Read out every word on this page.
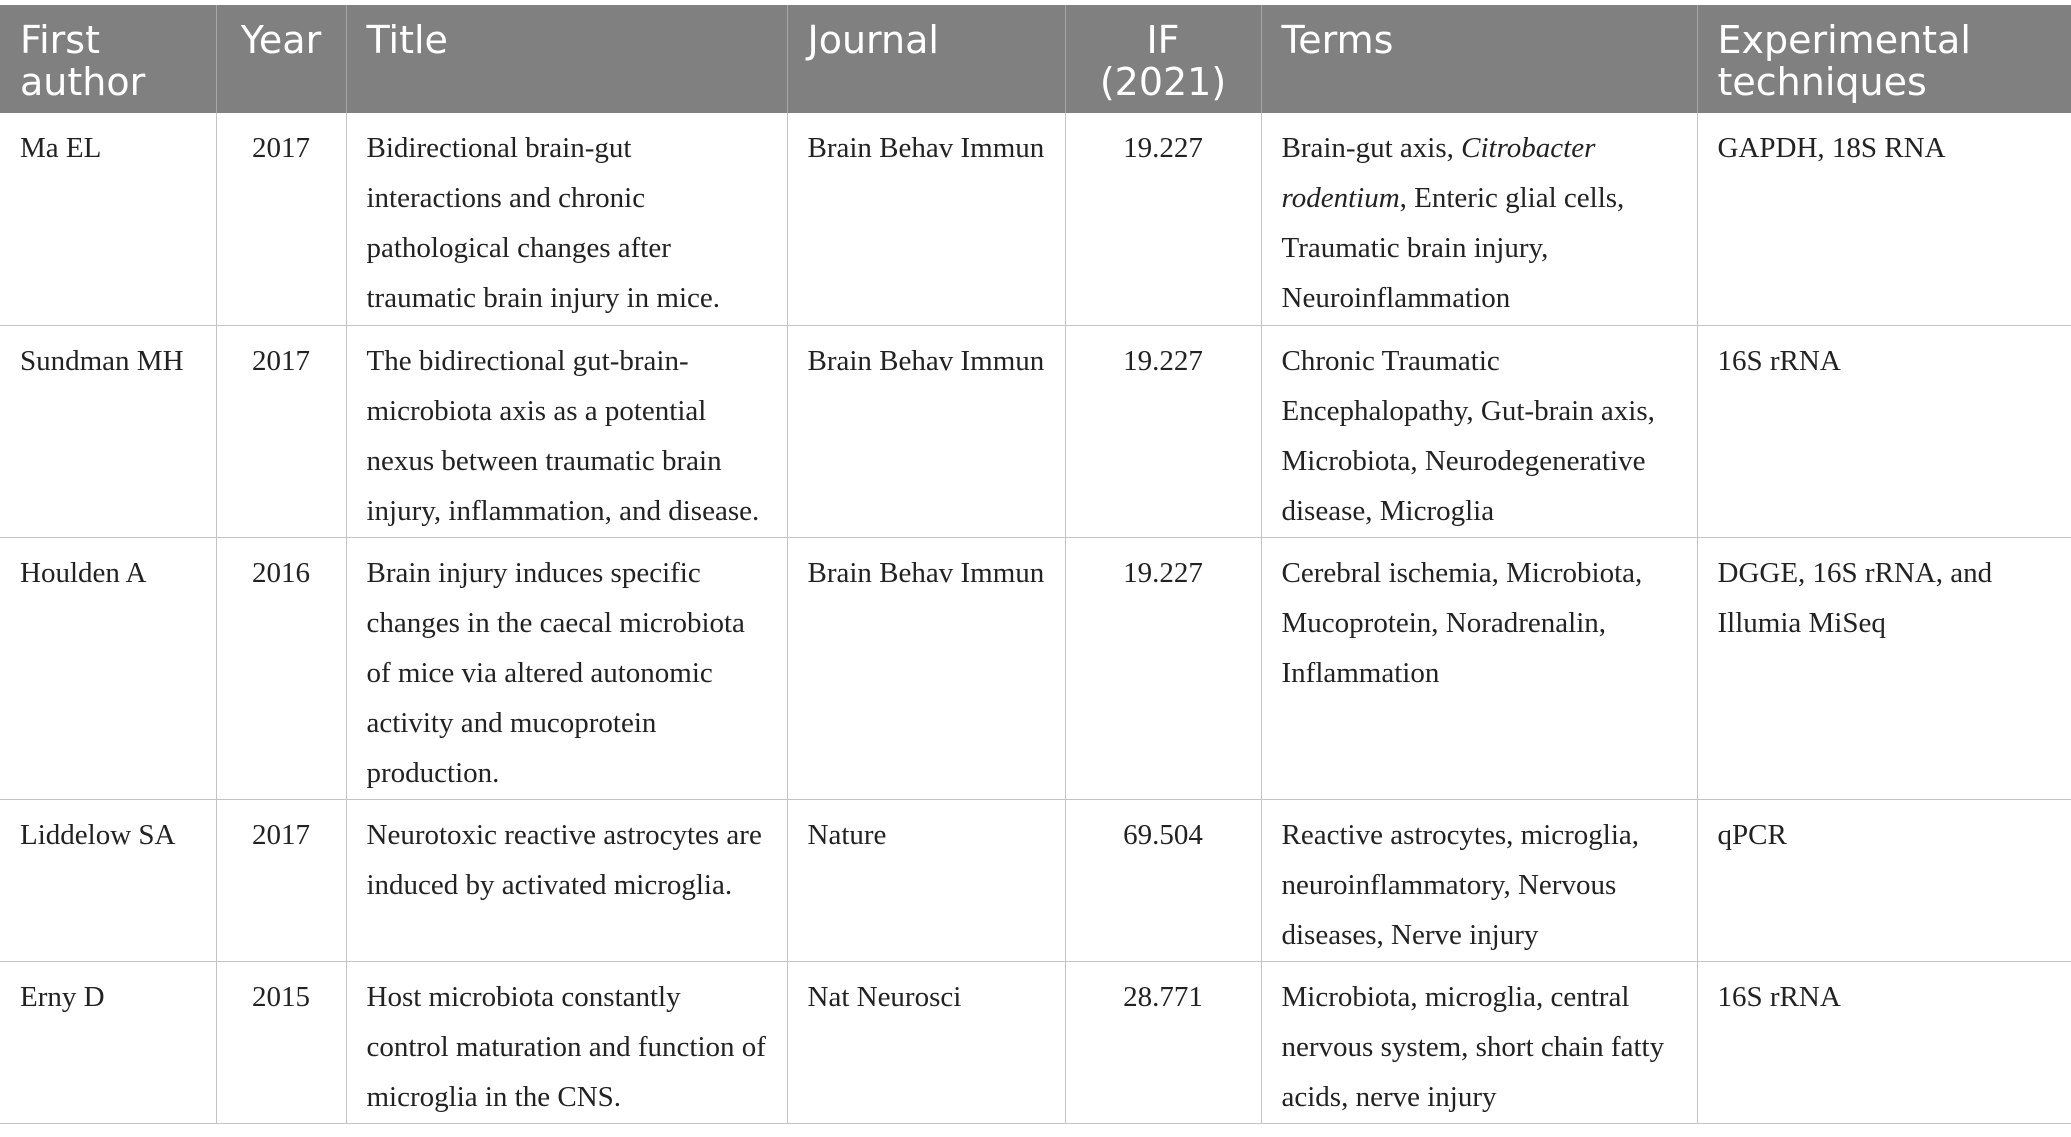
First author	Year	Title	Journal	IF (2021)	Terms	Experimental techniques
Ma EL	2017	Bidirectional brain-gut interactions and chronic pathological changes after traumatic brain injury in mice.	Brain Behav Immun	19.227	Brain-gut axis, Citrobacter rodentium, Enteric glial cells, Traumatic brain injury, Neuroinflammation	GAPDH, 18S RNA
Sundman MH	2017	The bidirectional gut-brain-microbiota axis as a potential nexus between traumatic brain injury, inflammation, and disease.	Brain Behav Immun	19.227	Chronic Traumatic Encephalopathy, Gut-brain axis, Microbiota, Neurodegenerative disease, Microglia	16S rRNA
Houlden A	2016	Brain injury induces specific changes in the caecal microbiota of mice via altered autonomic activity and mucoprotein production.	Brain Behav Immun	19.227	Cerebral ischemia, Microbiota, Mucoprotein, Noradrenalin, Inflammation	DGGE, 16S rRNA, and Illumia MiSeq
Liddelow SA	2017	Neurotoxic reactive astrocytes are induced by activated microglia.	Nature	69.504	Reactive astrocytes, microglia, neuroinflammatory, Nervous diseases, Nerve injury	qPCR
Erny D	2015	Host microbiota constantly control maturation and function of microglia in the CNS.	Nat Neurosci	28.771	Microbiota, microglia, central nervous system, short chain fatty acids, nerve injury	16S rRNA
